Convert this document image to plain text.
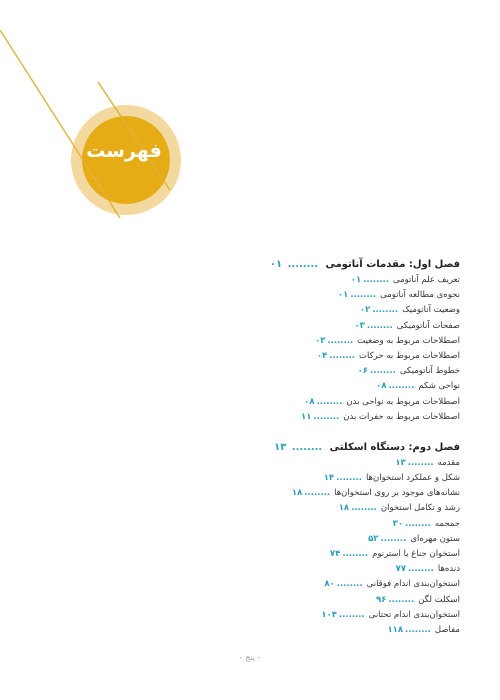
فهرست
فصل اول: مقدمات آناتومی ........ ۰۱
تعریف علم آناتومی........۰۱
نحوه‌ی مطالعه آناتومی........۰۱
وضعیت آناتومیک........۰۲
صفحات آناتومیکی........۰۳
اصطلاحات مربوط به وضعیت........۰۳
اصطلاحات مربوط به حرکات........۰۴
خطوط آناتومیکی........۰۶
نواحی شکم........۰۸
اصطلاحات مربوط به نواحی بدن........۰۸
اصطلاحات مربوط به حفرات بدن........۱۱
فصل دوم: دستگاه اسکلتی ........ ۱۳
مقدمه........۱۳
شکل و عملکرد استخوان‌ها........۱۴
نشانه‌های موجود بر روی استخوان‌ها........۱۸
رشد و تکامل استخوان........۱۸
جمجمه........۳۰
ستون مهره‌ای........۵۲
استخوان جناغ یا استرنوم........۷۴
دنده‌ها........۷۷
استخوان‌بندی اندام فوقانی........۸۰
اسکلت لگن........۹۶
استخوان‌بندی اندام تحتانی........۱۰۴
مفاصل........۱۱۸
- پنج -
